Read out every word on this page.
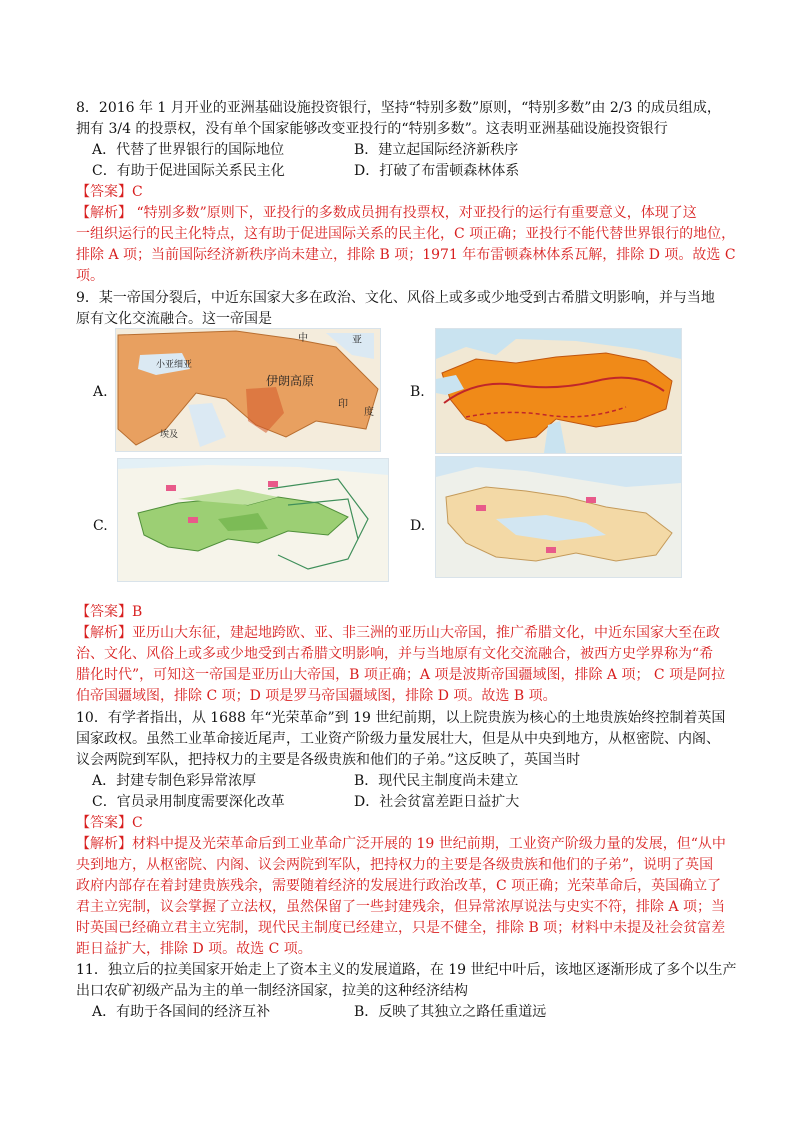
8．2016 年 1 月开业的亚洲基础设施投资银行，坚持“特别多数”原则，“特别多数”由 2/3 的成员组成，
拥有 3/4 的投票权，没有单个国家能够改变亚投行的“特别多数”。这表明亚洲基础设施投资银行
A．代替了世界银行的国际地位	B．建立起国际经济新秩序
C．有助于促进国际关系民主化	D．打破了布雷顿森林体系
【答案】C
【解析】 “特别多数”原则下，亚投行的多数成员拥有投票权，对亚投行的运行有重要意义，体现了这
一组织运行的民主化特点，这有助于促进国际关系的民主化，C 项正确；亚投行不能代替世界银行的地位，
排除 A 项；当前国际经济新秩序尚未建立，排除 B 项；1971 年布雷顿森林体系瓦解，排除 D 项。故选 C
项。
9．某一帝国分裂后，中近东国家大多在政治、文化、风俗上或多或少地受到古希腊文明影响，并与当地
原有文化交流融合。这一帝国是
A.	B.
C.	D.
小亚细亚
伊朗高原
印
度
亚
中
埃及
【答案】B
【解析】亚历山大东征，建起地跨欧、亚、非三洲的亚历山大帝国，推广希腊文化，中近东国家大至在政
治、文化、风俗上或多或少地受到古希腊文明影响，并与当地原有文化交流融合，被西方史学界称为“希
腊化时代”，可知这一帝国是亚历山大帝国，B 项正确；A 项是波斯帝国疆域图，排除 A 项； C 项是阿拉
伯帝国疆域图，排除 C 项；D 项是罗马帝国疆域图，排除 D 项。故选 B 项。
10．有学者指出，从 1688 年“光荣革命”到 19 世纪前期，以上院贵族为核心的土地贵族始终控制着英国
国家政权。虽然工业革命接近尾声，工业资产阶级力量发展壮大，但是从中央到地方，从枢密院、内阁、
议会两院到军队，把持权力的主要是各级贵族和他们的子弟。”这反映了，英国当时
A．封建专制色彩异常浓厚	B．现代民主制度尚未建立
C．官员录用制度需要深化改革	D．社会贫富差距日益扩大
【答案】C
【解析】材料中提及光荣革命后到工业革命广泛开展的 19 世纪前期，工业资产阶级力量的发展，但“从中
央到地方，从枢密院、内阁、议会两院到军队，把持权力的主要是各级贵族和他们的子弟”，说明了英国
政府内部存在着封建贵族残余，需要随着经济的发展进行政治改革，C 项正确；光荣革命后，英国确立了
君主立宪制，议会掌握了立法权，虽然保留了一些封建残余，但异常浓厚说法与史实不符，排除 A 项；当
时英国已经确立君主立宪制，现代民主制度已经建立，只是不健全，排除 B 项；材料中未提及社会贫富差
距日益扩大，排除 D 项。故选 C 项。
11．独立后的拉美国家开始走上了资本主义的发展道路，在 19 世纪中叶后，该地区逐渐形成了多个以生产
出口农矿初级产品为主的单一制经济国家，拉美的这种经济结构
A．有助于各国间的经济互补	B．反映了其独立之路任重道远
